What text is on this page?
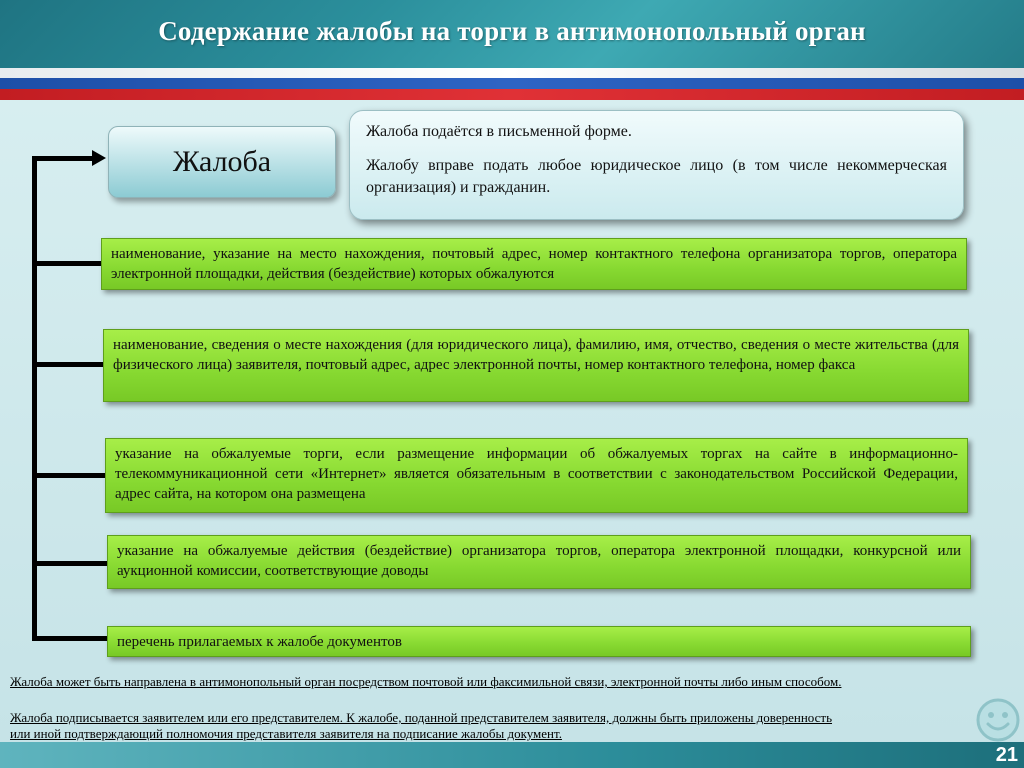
Содержание жалобы на торги в антимонопольный орган
Жалоба

Жалоба подаётся в письменной форме.

Жалобу вправе подать любое юридическое лицо (в том числе некоммерческая организация) и гражданин.

наименование, указание на место нахождения, почтовый адрес, номер контактного телефона организатора торгов, оператора электронной площадки, действия (бездействие) которых обжалуются
наименование, сведения о месте нахождения (для юридического лица), фамилию, имя, отчество, сведения о месте жительства (для физического лица) заявителя, почтовый адрес, адрес электронной почты, номер контактного телефона, номер факса
указание на обжалуемые торги, если размещение информации об обжалуемых торгах на сайте в информационно-телекоммуникационной сети «Интернет» является обязательным в соответствии с законодательством Российской Федерации, адрес сайта, на котором она размещена
указание на обжалуемые действия (бездействие) организатора торгов, оператора электронной площадки, конкурсной или аукционной комиссии, соответствующие доводы
перечень прилагаемых к жалобе документов
Жалоба может быть направлена в антимонопольный орган посредством почтовой или факсимильной связи, электронной почты либо иным способом.
Жалоба подписывается заявителем или его представителем. К жалобе, поданной представителем заявителя, должны быть приложены доверенность
или иной подтверждающий полномочия представителя заявителя на подписание жалобы документ.
21
